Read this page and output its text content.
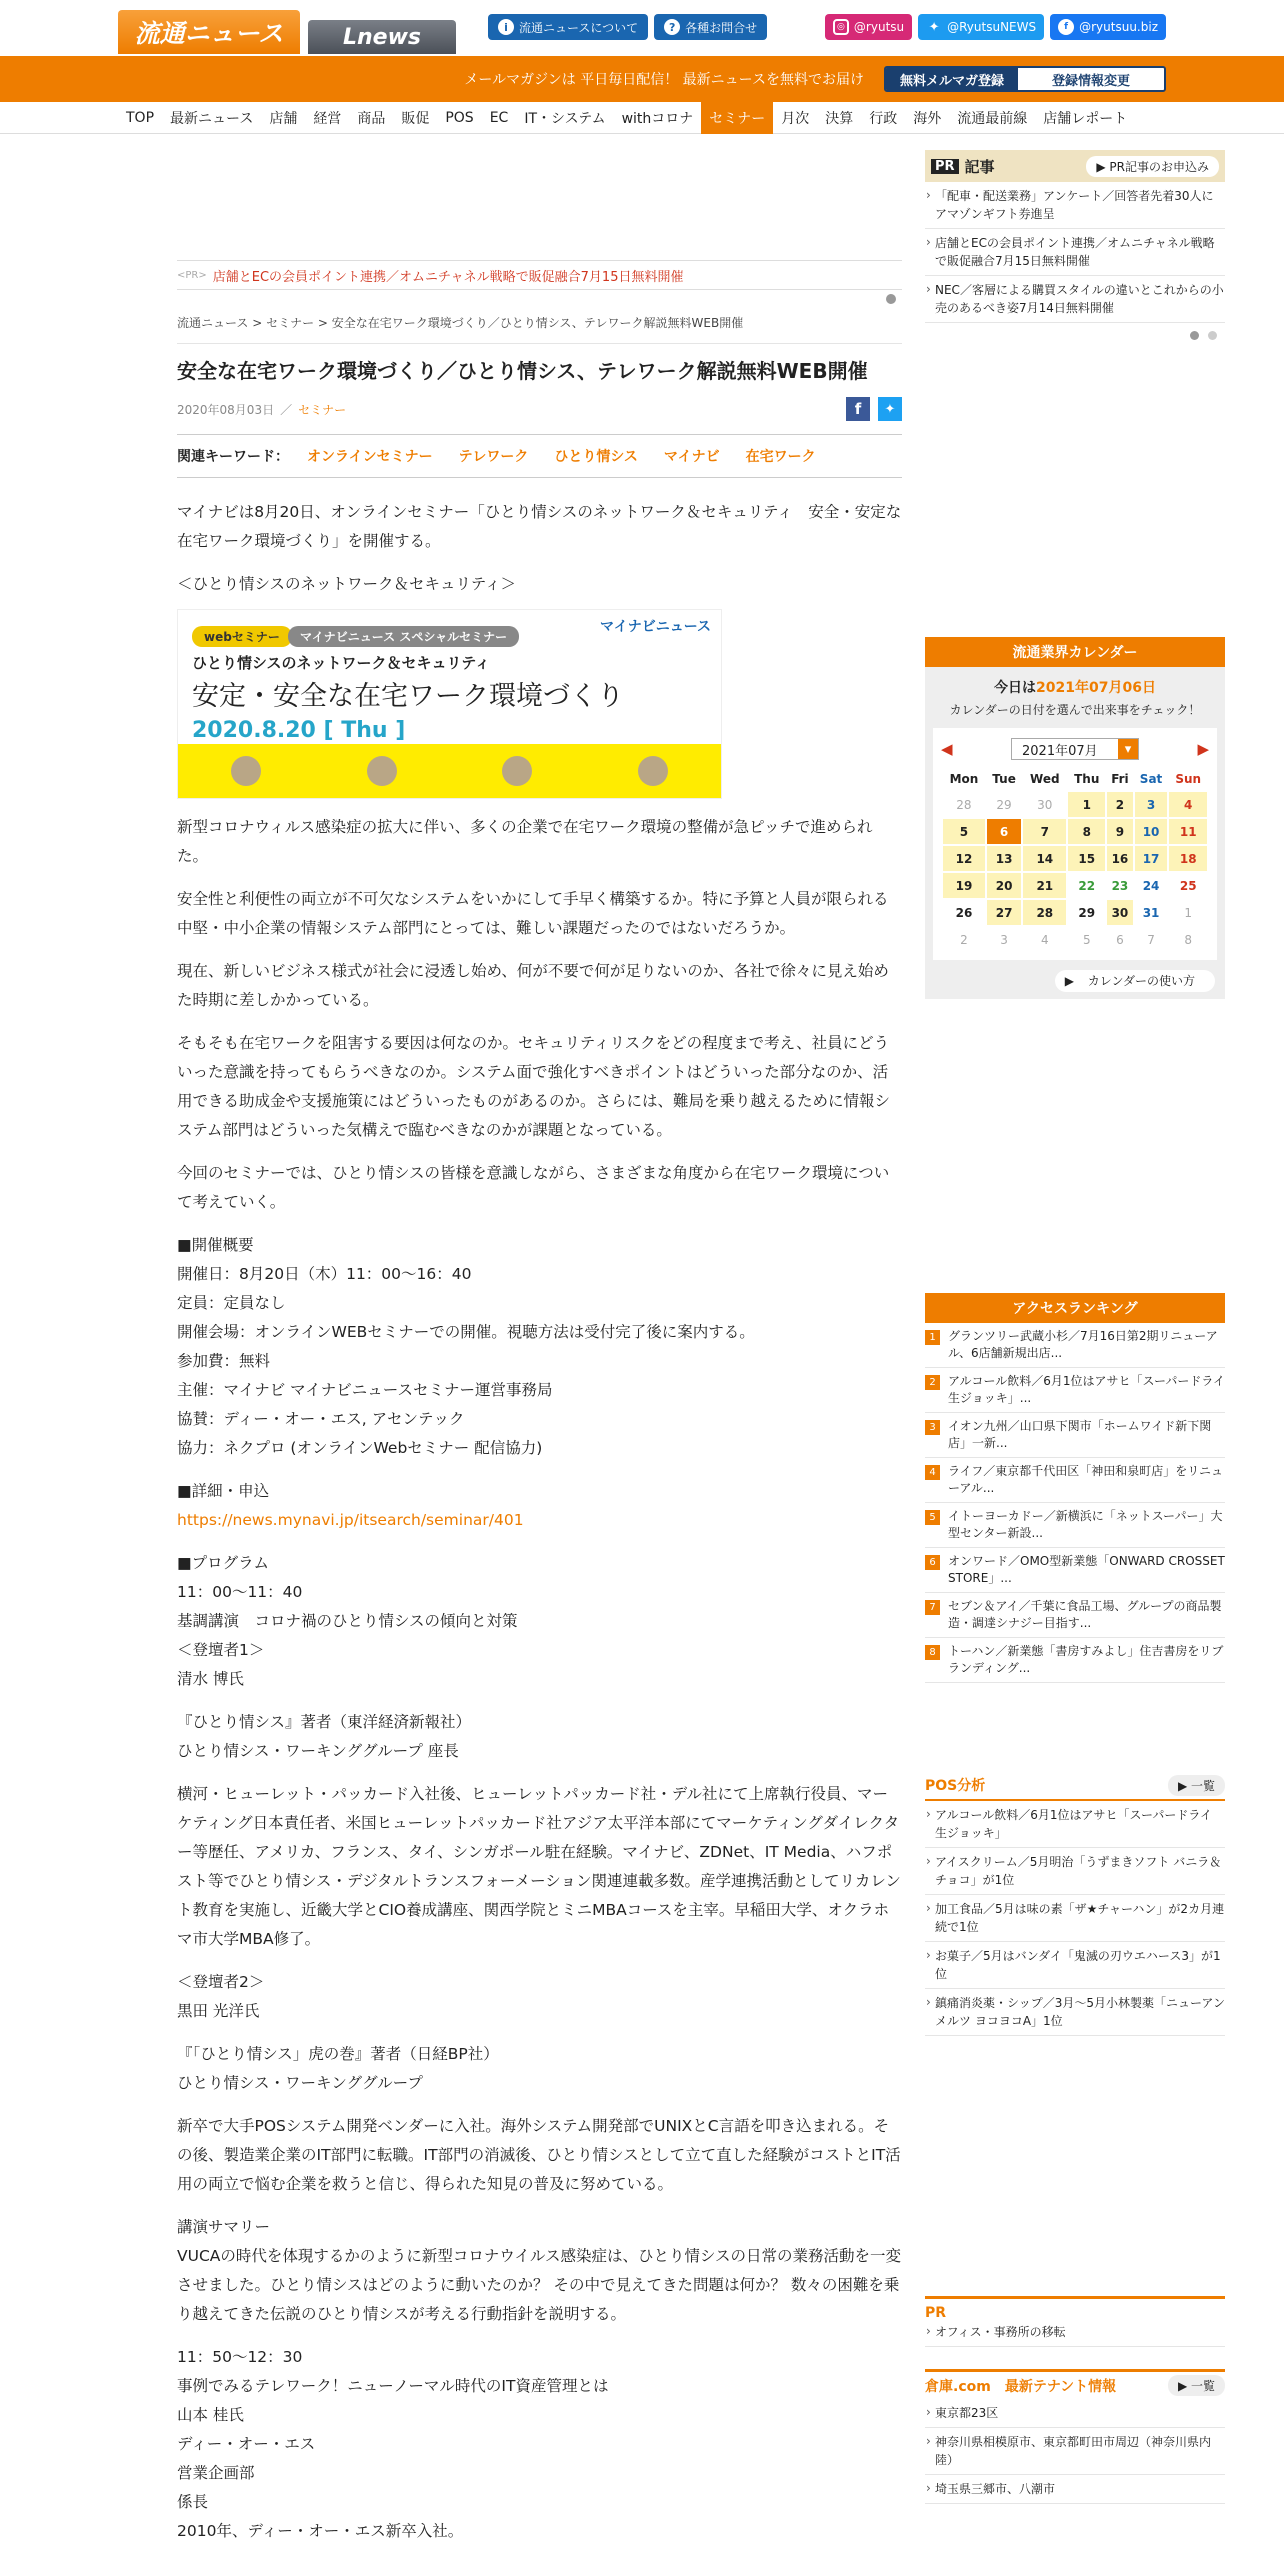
流通ニュース	Lnews	i 流通ニュースについて	? 各種お問合せ	◎ @ryutsu ✦ @RyutsuNEWS	f @ryutsuu.biz
メールマガジンは 平日毎日配信！ 最新ニュースを無料でお届け	無料メルマガ登録	登録情報変更
TOP	最新ニュース	店舗	経営	商品	販促	POS	EC	IT・システム	withコロナ	セミナー	月次	決算	行政	海外	流通最前線	店舗レポート
<PR> 店舗とECの会員ポイント連携／オムニチャネル戦略で販促融合7月15日無料開催
流通ニュース > セミナー > 安全な在宅ワーク環境づくり／ひとり情シス、テレワーク解説無料WEB開催
安全な在宅ワーク環境づくり／ひとり情シス、テレワーク解説無料WEB開催
2020年08月03日 ／ セミナー	f	✦
関連キーワード： オンラインセミナー テレワーク ひとり情シス マイナビ 在宅ワーク

マイナビは8月20日、オンラインセミナー「ひとり情シスのネットワーク＆セキュリティ　安全・安定な在宅ワーク環境づくり」を開催する。

＜ひとり情シスのネットワーク＆セキュリティ＞

webセミナー	マイナビニュース スペシャルセミナー
マイナビニュース
ひとり情シスのネットワーク＆セキュリティ
安定・安全な在宅ワーク環境づくり
2020.8.20 [ Thu ]

新型コロナウィルス感染症の拡大に伴い、多くの企業で在宅ワーク環境の整備が急ピッチで進められた。

安全性と利便性の両立が不可欠なシステムをいかにして手早く構築するか。特に予算と人員が限られる中堅・中小企業の情報システム部門にとっては、難しい課題だったのではないだろうか。

現在、新しいビジネス様式が社会に浸透し始め、何が不要で何が足りないのか、各社で徐々に見え始めた時期に差しかかっている。

そもそも在宅ワークを阻害する要因は何なのか。セキュリティリスクをどの程度まで考え、社員にどういった意識を持ってもらうべきなのか。システム面で強化すべきポイントはどういった部分なのか、活用できる助成金や支援施策にはどういったものがあるのか。さらには、難局を乗り越えるために情報システム部門はどういった気構えで臨むべきなのかが課題となっている。

今回のセミナーでは、ひとり情シスの皆様を意識しながら、さまざまな角度から在宅ワーク環境について考えていく。

■開催概要
開催日：8月20日（木）11：00～16：40
定員：定員なし
開催会場：オンラインWEBセミナーでの開催。視聴方法は受付完了後に案内する。
参加費：無料
主催：マイナビ マイナビニュースセミナー運営事務局
協賛：ディー・オー・エス, アセンテック
協力：ネクプロ (オンラインWebセミナー 配信協力)
■詳細・申込
https://news.mynavi.jp/itsearch/seminar/401
■プログラム
11：00～11：40
基調講演　コロナ禍のひとり情シスの傾向と対策
＜登壇者1＞
清水 博氏
『ひとり情シス』著者（東洋経済新報社）
ひとり情シス・ワーキンググループ 座長

横河・ヒューレット・パッカード入社後、ヒューレットパッカード社・デル社にて上席執行役員、マーケティング日本責任者、米国ヒューレットパッカード社アジア太平洋本部にてマーケティングダイレクター等歴任、アメリカ、フランス、タイ、シンガポール駐在経験。マイナビ、ZDNet、IT Media、ハフポスト等でひとり情シス・デジタルトランスフォーメーション関連連載多数。産学連携活動としてリカレント教育を実施し、近畿大学とCIO養成講座、関西学院とミニMBAコースを主宰。早稲田大学、オクラホマ市大学MBA修了。

＜登壇者2＞
黒田 光洋氏
『「ひとり情シス」虎の巻』著者（日経BP社）
ひとり情シス・ワーキンググループ

新卒で大手POSシステム開発ベンダーに入社。海外システム開発部でUNIXとC言語を叩き込まれる。その後、製造業企業のIT部門に転職。IT部門の消滅後、ひとり情シスとして立て直した経験がコストとIT活用の両立で悩む企業を救うと信じ、得られた知見の普及に努めている。

講演サマリー
VUCAの時代を体現するかのように新型コロナウイルス感染症は、ひとり情シスの日常の業務活動を一変させました。ひとり情シスはどのように動いたのか？ その中で見えてきた問題は何か？ 数々の困難を乗り越えてきた伝説のひとり情シスが考える行動指針を説明する。
11：50～12：30
事例でみるテレワーク！ニューノーマル時代のIT資産管理とは
山本 桂氏
ディー・オー・エス
営業企画部
係長
2010年、ディー・オー・エス新卒入社。
PR 記事	▶ PR記事のお申込み
› 「配車・配送業務」アンケート／回答者先着30人にアマゾンギフト券進呈
› 店舗とECの会員ポイント連携／オムニチャネル戦略で販促融合7月15日無料開催
› NEC／客層による購買スタイルの違いとこれからの小売のあるべき姿7月14日無料開催
流通業界カレンダー
今日は2021年07月06日
カレンダーの日付を選んで出来事をチェック！
◀	2021年07月 ▾	▶
Mon	Tue	Wed	Thu	Fri	Sat	Sun
28	29	30	1	2	3	4
5	6	7	8	9	10	11
12	13	14	15	16	17	18
19	20	21	22	23	24	25
26	27	28	29	30	31	1
2	3	4	5	6	7	8
▶ カレンダーの使い方
アクセスランキング
1	グランツリー武蔵小杉／7月16日第2期リニューアル、6店舗新規出店...
2	アルコール飲料／6月1位はアサヒ「スーパードライ　生ジョッキ」...
3	イオン九州／山口県下関市「ホームワイド新下関店」一新...
4	ライフ／東京都千代田区「神田和泉町店」をリニューアル...
5	イトーヨーカドー／新横浜に「ネットスーパー」大型センター新設...
6	オンワード／OMO型新業態「ONWARD CROSSET STORE」...
7	セブン＆アイ／千葉に食品工場、グループの商品製造・調達シナジー目指す...
8	トーハン／新業態「書房すみよし」住吉書房をリブランディング...
POS分析	▶ 一覧
› アルコール飲料／6月1位はアサヒ「スーパードライ　生ジョッキ」
› アイスクリーム／5月明治「うずまきソフト バニラ＆チョコ」が1位
› 加工食品／5月は味の素「ザ★チャーハン」が2カ月連続で1位
› お菓子／5月はバンダイ「鬼滅の刃ウエハース3」が1位
› 鎮痛消炎薬・シップ／3月～5月小林製薬「ニューアンメルツ ヨコヨコA」1位
PR
› オフィス・事務所の移転
倉庫.com　最新テナント情報	▶ 一覧
› 東京都23区
› 神奈川県相模原市、東京都町田市周辺（神奈川県内陸）
› 埼玉県三郷市、八潮市
